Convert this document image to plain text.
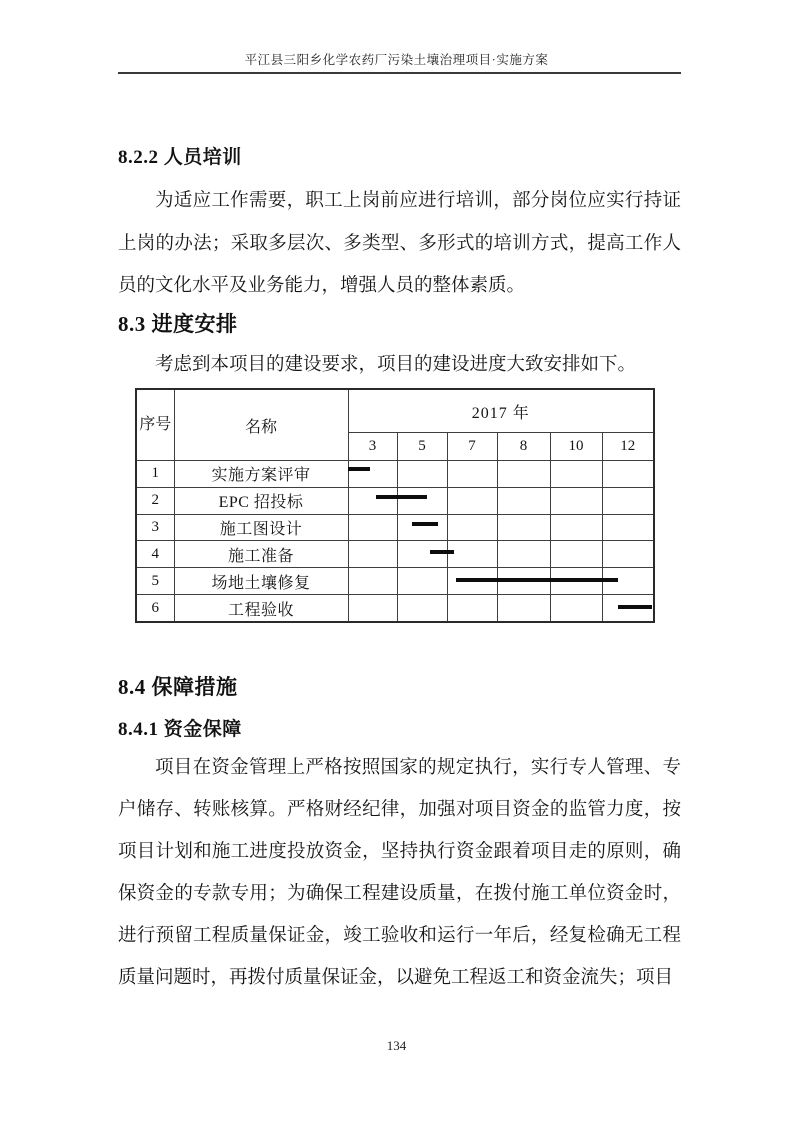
平江县三阳乡化学农药厂污染土壤治理项目·实施方案
8.2.2 人员培训
为适应工作需要，职工上岗前应进行培训，部分岗位应实行持证上岗的办法；采取多层次、多类型、多形式的培训方式，提高工作人员的文化水平及业务能力，增强人员的整体素质。
8.3 进度安排
考虑到本项目的建设要求，项目的建设进度大致安排如下。
序号	名称	2017 年					
		3	5	7	8	10	12
1	实施方案评审						
2	EPC 招投标						
3	施工图设计						
4	施工准备						
5	场地土壤修复						
6	工程验收						
8.4 保障措施
8.4.1 资金保障
项目在资金管理上严格按照国家的规定执行，实行专人管理、专户储存、转账核算。严格财经纪律，加强对项目资金的监管力度，按项目计划和施工进度投放资金，坚持执行资金跟着项目走的原则，确保资金的专款专用；为确保工程建设质量，在拨付施工单位资金时，进行预留工程质量保证金，竣工验收和运行一年后，经复检确无工程质量问题时，再拨付质量保证金，以避免工程返工和资金流失；项目
134
